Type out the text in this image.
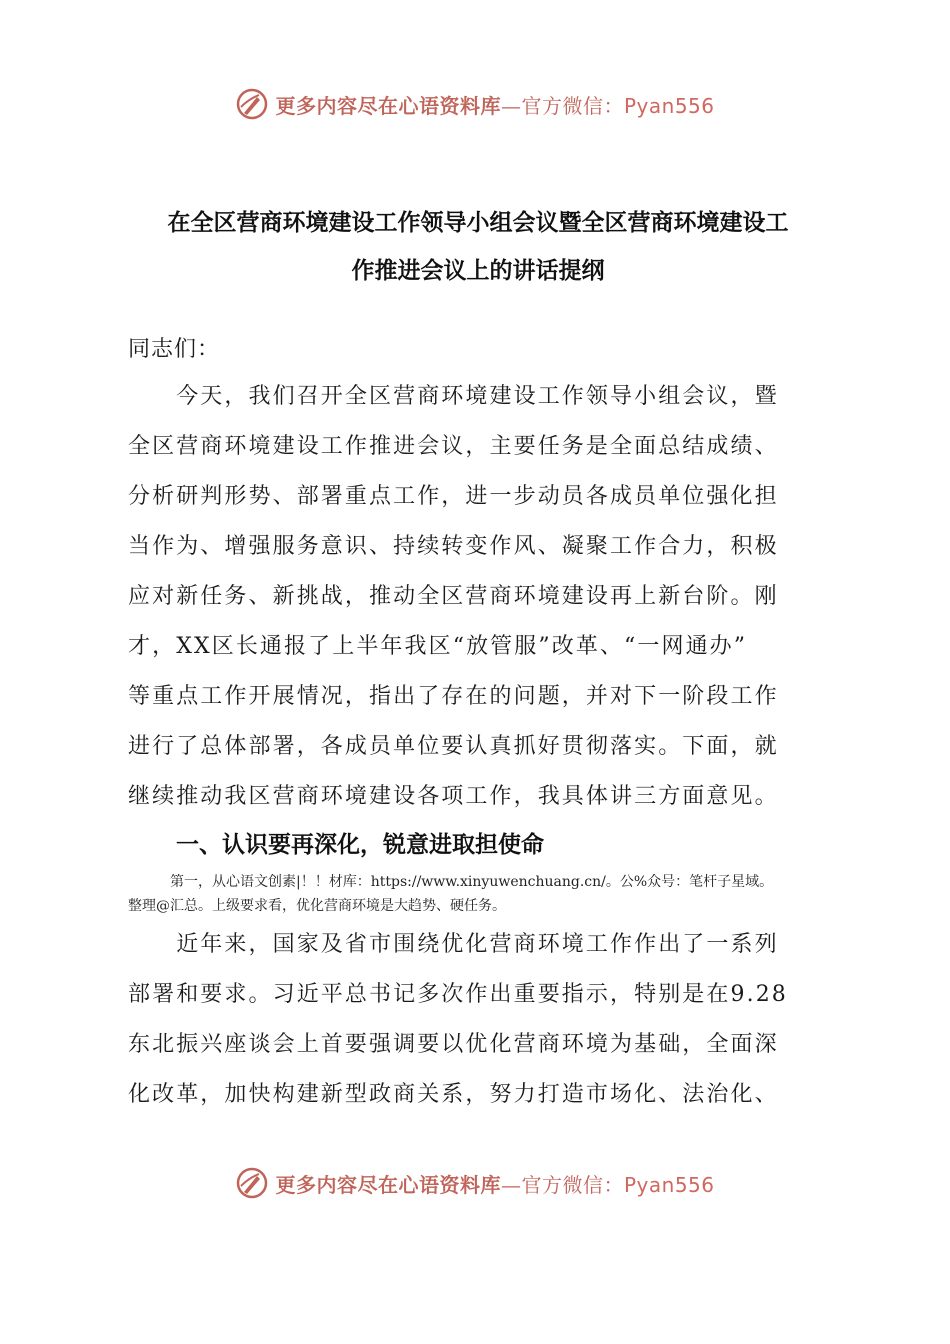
更多内容尽在心语资料库—官方微信：Pyan556
在全区营商环境建设工作领导小组会议暨全区营商环境建设工
作推进会议上的讲话提纲
同志们：
　　今天，我们召开全区营商环境建设工作领导小组会议，暨
全区营商环境建设工作推进会议，主要任务是全面总结成绩、
分析研判形势、部署重点工作，进一步动员各成员单位强化担
当作为、增强服务意识、持续转变作风、凝聚工作合力，积极
应对新任务、新挑战，推动全区营商环境建设再上新台阶。刚
才，XX区长通报了上半年我区“放管服”改革、“一网通办”
等重点工作开展情况，指出了存在的问题，并对下一阶段工作
进行了总体部署，各成员单位要认真抓好贯彻落实。下面，就
继续推动我区营商环境建设各项工作，我具体讲三方面意见。
一、认识要再深化，锐意进取担使命
　　　第一，从心语文创素|！！材库：https://www.xinyuwenchuang.cn/。公%众号：笔杆子星域。
整理@汇总。上级要求看，优化营商环境是大趋势、硬任务。
　　近年来，国家及省市围绕优化营商环境工作作出了一系列
部署和要求。习近平总书记多次作出重要指示，特别是在9.28
东北振兴座谈会上首要强调要以优化营商环境为基础，全面深
化改革，加快构建新型政商关系，努力打造市场化、法治化、
更多内容尽在心语资料库—官方微信：Pyan556
